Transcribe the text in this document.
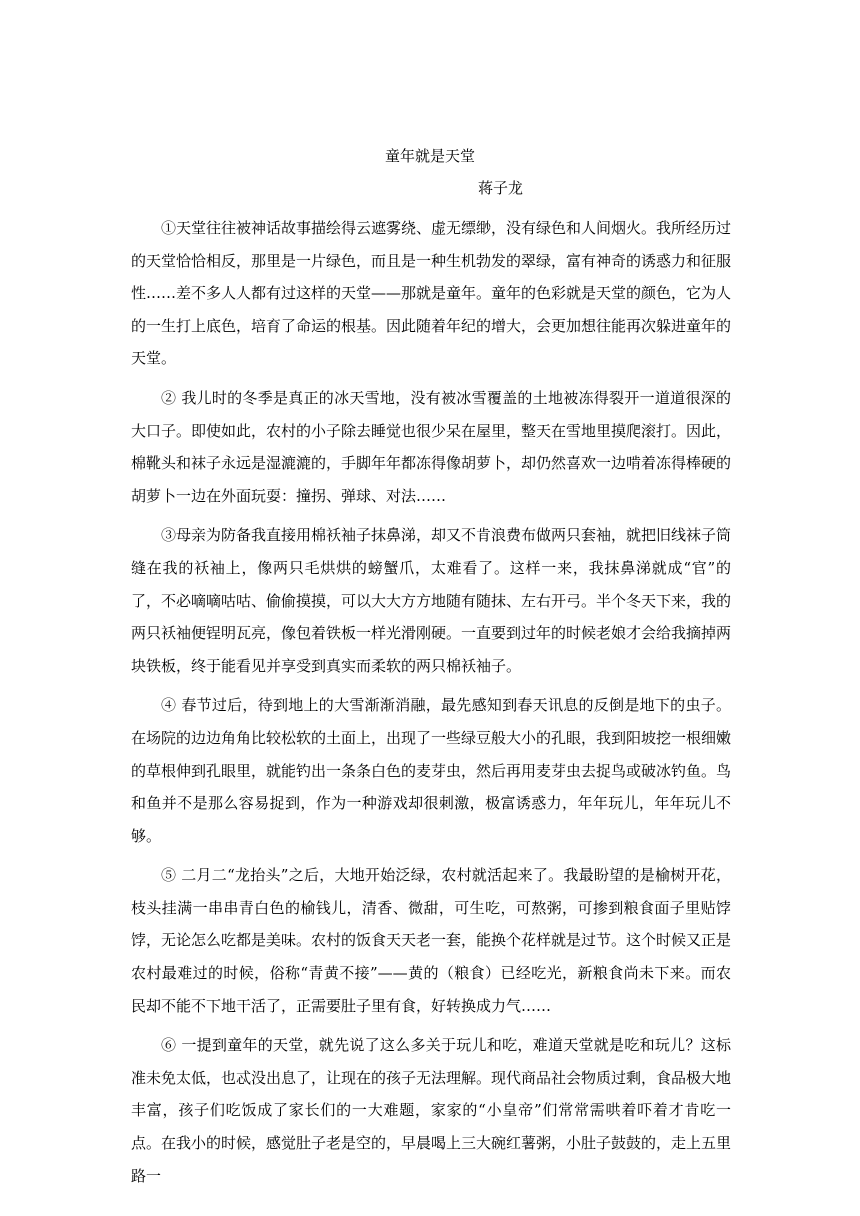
童年就是天堂
蒋子龙

①天堂往往被神话故事描绘得云遮雾绕、虚无缥缈，没有绿色和人间烟火。我所经历过的天堂恰恰相反，那里是一片绿色，而且是一种生机勃发的翠绿，富有神奇的诱惑力和征服性……差不多人人都有过这样的天堂——那就是童年。童年的色彩就是天堂的颜色，它为人的一生打上底色，培育了命运的根基。因此随着年纪的增大，会更加想往能再次躲进童年的天堂。

② 我儿时的冬季是真正的冰天雪地，没有被冰雪覆盖的土地被冻得裂开一道道很深的大口子。即使如此，农村的小子除去睡觉也很少呆在屋里，整天在雪地里摸爬滚打。因此，棉靴头和袜子永远是湿漉漉的，手脚年年都冻得像胡萝卜，却仍然喜欢一边啃着冻得棒硬的胡萝卜一边在外面玩耍：撞拐、弹球、对法……

③母亲为防备我直接用棉袄袖子抹鼻涕，却又不肯浪费布做两只套袖，就把旧线袜子筒缝在我的袄袖上，像两只毛烘烘的螃蟹爪，太难看了。这样一来，我抹鼻涕就成“官”的了，不必嘀嘀咕咕、偷偷摸摸，可以大大方方地随有随抹、左右开弓。半个冬天下来，我的两只袄袖便锃明瓦亮，像包着铁板一样光滑刚硬。一直要到过年的时候老娘才会给我摘掉两块铁板，终于能看见并享受到真实而柔软的两只棉袄袖子。

④ 春节过后，待到地上的大雪渐渐消融，最先感知到春天讯息的反倒是地下的虫子。在场院的边边角角比较松软的土面上，出现了一些绿豆般大小的孔眼，我到阳坡挖一根细嫩的草根伸到孔眼里，就能钓出一条条白色的麦芽虫，然后再用麦芽虫去捉鸟或破冰钓鱼。鸟和鱼并不是那么容易捉到，作为一种游戏却很刺激，极富诱惑力，年年玩儿，年年玩儿不够。

⑤ 二月二“龙抬头”之后，大地开始泛绿，农村就活起来了。我最盼望的是榆树开花，枝头挂满一串串青白色的榆钱儿，清香、微甜，可生吃，可熬粥，可掺到粮食面子里贴饽饽，无论怎么吃都是美味。农村的饭食天天老一套，能换个花样就是过节。这个时候又正是农村最难过的时候，俗称“青黄不接”——黄的（粮食）已经吃光，新粮食尚未下来。而农民却不能不下地干活了，正需要肚子里有食，好转换成力气……

⑥ 一提到童年的天堂，就先说了这么多关于玩儿和吃，难道天堂就是吃和玩儿？这标准未免太低，也忒没出息了，让现在的孩子无法理解。现代商品社会物质过剩，食品极大地丰富，孩子们吃饭成了家长们的一大难题，家家的“小皇帝”们常常需哄着吓着才肯吃一点。在我小的时候，感觉肚子老是空的，早晨喝上三大碗红薯粥，小肚子鼓鼓的，走上五里路一
